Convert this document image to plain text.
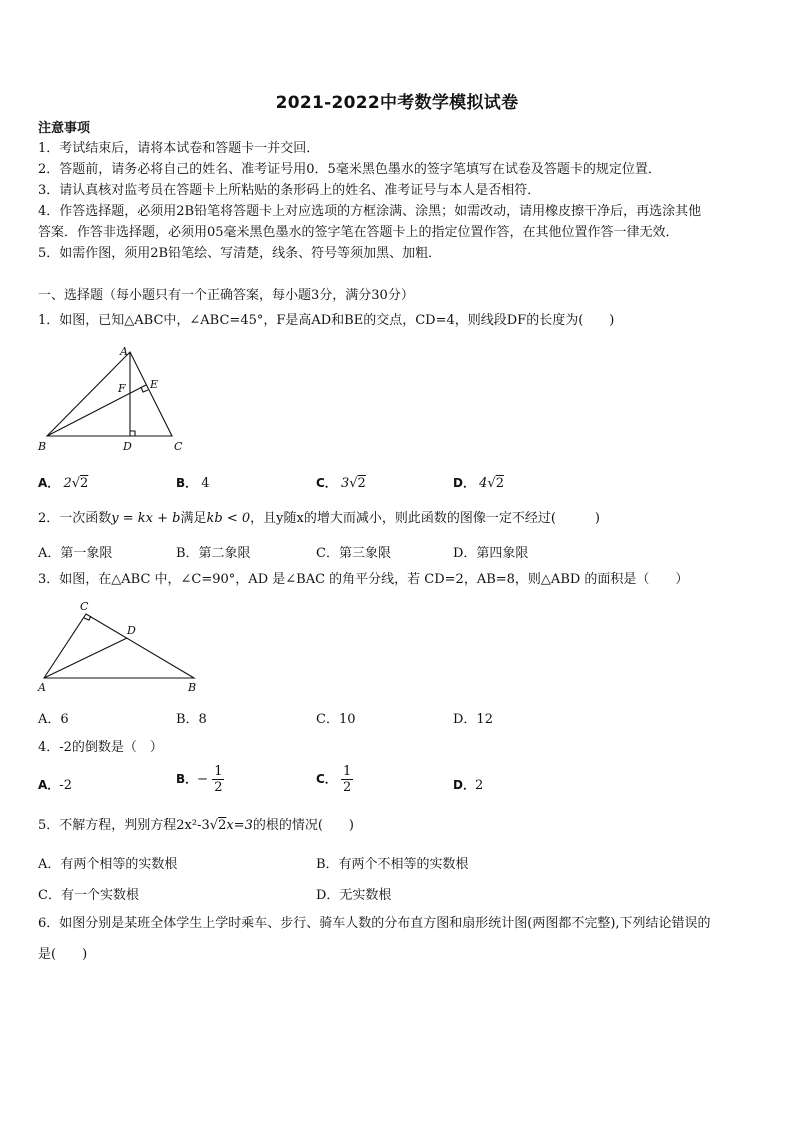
2021-2022中考数学模拟试卷
注意事项
1．考试结束后，请将本试卷和答题卡一并交回．
2．答题前，请务必将自己的姓名、准考证号用0．5毫米黑色墨水的签字笔填写在试卷及答题卡的规定位置．
3．请认真核对监考员在答题卡上所粘贴的条形码上的姓名、准考证号与本人是否相符．
4．作答选择题，必须用2B铅笔将答题卡上对应选项的方框涂满、涂黑；如需改动，请用橡皮擦干净后，再选涂其他
答案．作答非选择题，必须用05毫米黑色墨水的签字笔在答题卡上的指定位置作答，在其他位置作答一律无效．
5．如需作图，须用2B铅笔绘、写清楚，线条、符号等须加黑、加粗．
一、选择题（每小题只有一个正确答案，每小题3分，满分30分）
1．如图，已知△ABC中，∠ABC=45°，F是高AD和BE的交点，CD=4，则线段DF的长度为(　　)
A
B	C
D
E
F
A． 2√2	B． 4	C． 3√2	D． 4√2
2．一次函数y = kx + b满足kb < 0，且y随x的增大而减小，则此函数的图像一定不经过(　　　)
A．第一象限	B．第二象限	C．第三象限	D．第四象限
3．如图，在△ABC 中，∠C=90°，AD 是∠BAC 的角平分线，若 CD=2，AB=8，则△ABD 的面积是（　　）
C
D
A	B
A．6	B．8	C．10	D．12
4．-2的倒数是（　）
A．-2	B．− $\frac{1}{2}$	C． $\frac{1}{2}$	D．2
5．不解方程，判别方程2x²-3√2x=3的根的情况(　　)
A．有两个相等的实数根	B．有两个不相等的实数根
C．有一个实数根	D．无实数根
6．如图分别是某班全体学生上学时乘车、步行、骑车人数的分布直方图和扇形统计图(两图都不完整),下列结论错误的
是(　　)
